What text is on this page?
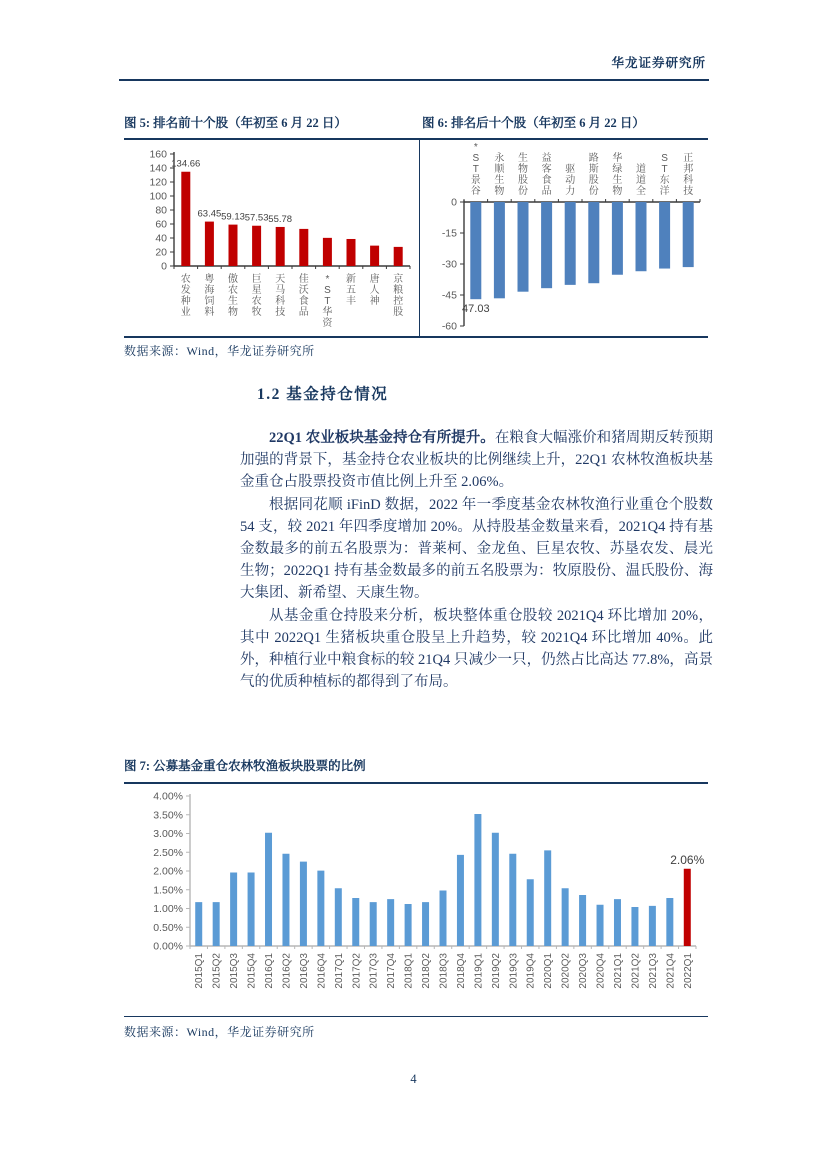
华龙证券研究所
图 5: 排名前十个股（年初至 6 月 22 日）	图 6: 排名后十个股（年初至 6 月 22 日）
0
20
40
60
80
100
120
140
160
134.66
农
发
种
业
63.45
粤
海
饲
料
59.13
傲
农
生
物
57.53
巨
星
农
牧
55.78
天
马
科
技
佳
沃
食
品
*
S
T
华
资
新
五
丰
唐
人
神
京
粮
控
股
0
-15
-30
-45
-60
47.03
*
S
T
景
谷
永
顺
生
物
生
物
股
份
益
客
食
品
驱
动
力
路
斯
股
份
华
绿
生
物
道
道
全
S
T
东
洋
正
邦
科
技
数据来源：Wind，华龙证券研究所
1.2 基金持仓情况

22Q1 农业板块基金持仓有所提升。在粮食大幅涨价和猪周期反转预期加强的背景下，基金持仓农业板块的比例继续上升，22Q1 农林牧渔板块基金重仓占股票投资市值比例上升至 2.06%。

根据同花顺 iFinD 数据，2022 年一季度基金农林牧渔行业重仓个股数 54 支，较 2021 年四季度增加 20%。从持股基金数量来看，2021Q4 持有基金数最多的前五名股票为：普莱柯、金龙鱼、巨星农牧、苏垦农发、晨光生物；2022Q1 持有基金数最多的前五名股票为：牧原股份、温氏股份、海大集团、新希望、天康生物。

从基金重仓持股来分析，板块整体重仓股较 2021Q4 环比增加 20%，其中 2022Q1 生猪板块重仓股呈上升趋势，较 2021Q4 环比增加 40%。此外，种植行业中粮食标的较 21Q4 只减少一只，仍然占比高达 77.8%，高景气的优质种植标的都得到了布局。

图 7: 公募基金重仓农林牧渔板块股票的比例
0.00%
0.50%
1.00%
1.50%
2.00%
2.50%
3.00%
3.50%
4.00%
2015Q1 2015Q2 2015Q3 2015Q4 2016Q1 2016Q2 2016Q3 2016Q4 2017Q1 2017Q2 2017Q3 2017Q4 2018Q1 2018Q2 2018Q3 2018Q4 2019Q1 2019Q2 2019Q3 2019Q4 2020Q1 2020Q2 2020Q3 2020Q4 2021Q1 2021Q2 2021Q3 2021Q4
2.06%
2022Q1
数据来源：Wind，华龙证券研究所
4
